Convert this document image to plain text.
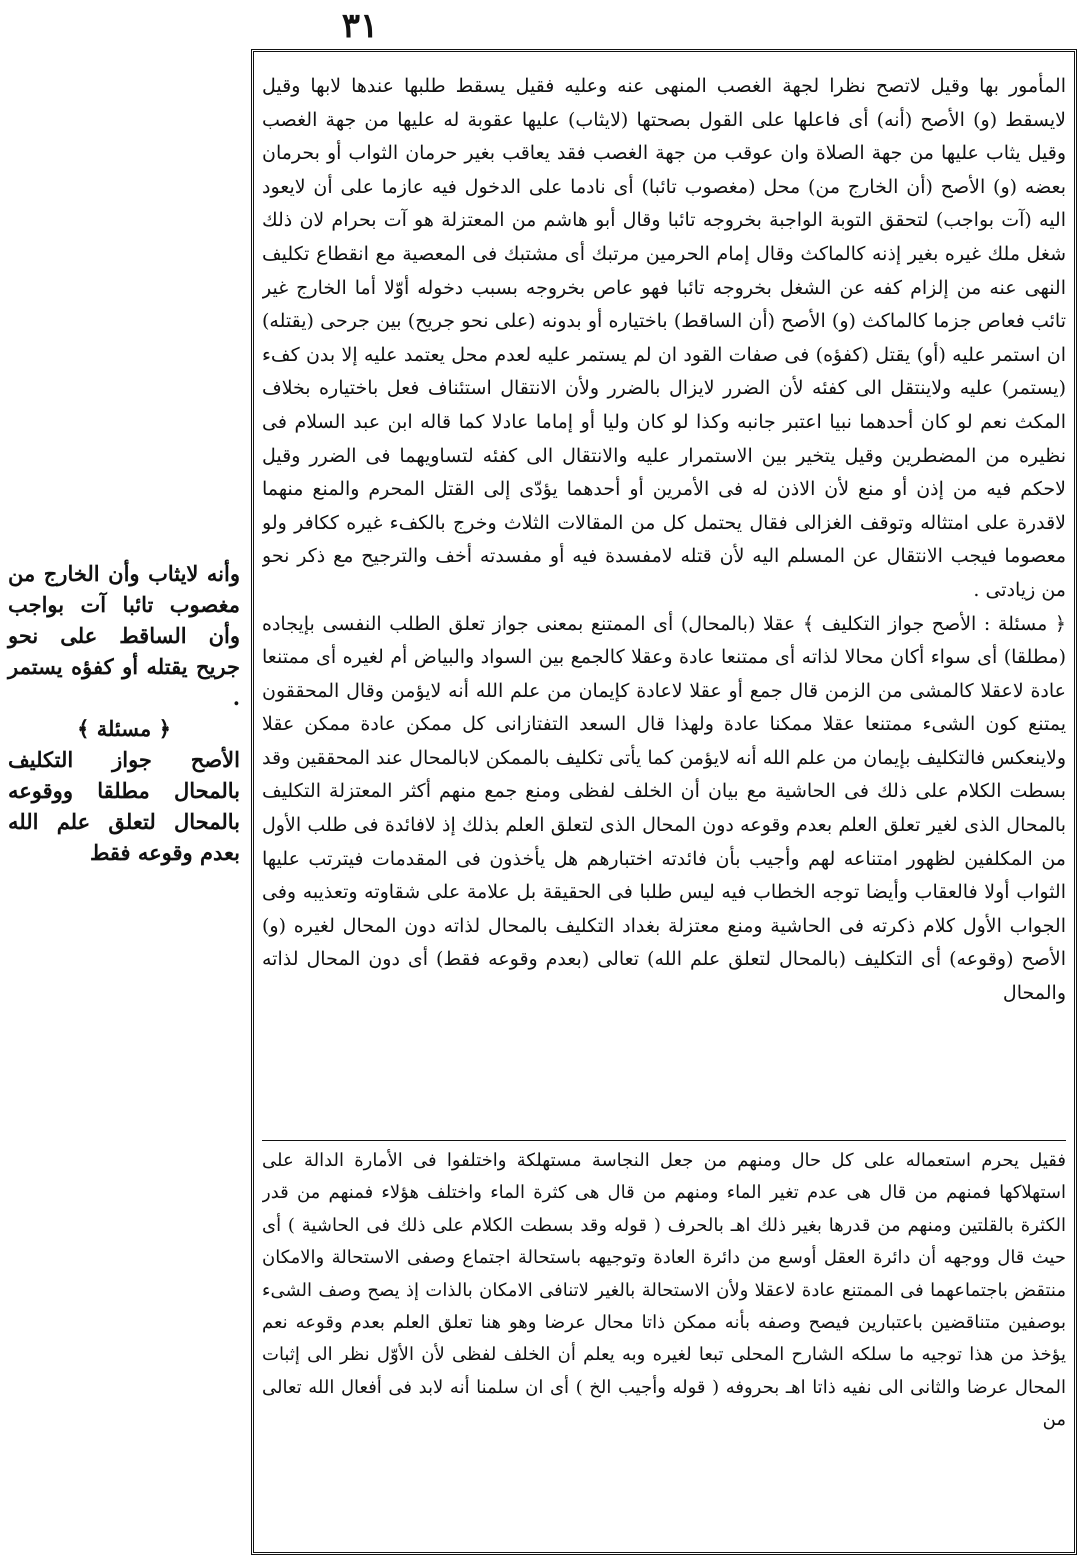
٣١

وأنه لايثاب وأن الخارج من مغصوب تائبا آت بواجب وأن الساقط على نحو جريح يقتله أو كفؤه يستمر .

﴿ مسئلة ﴾

الأصح جواز التكليف بالمحال مطلقا ووقوعه بالمحال لتعلق علم الله بعدم وقوعه فقط

المأمور بها وقيل لاتصح نظرا لجهة الغصب المنهى عنه وعليه فقيل يسقط طلبها عندها لابها وقيل لايسقط (و) الأصح (أنه) أى فاعلها على القول بصحتها (لايثاب) عليها عقوبة له عليها من جهة الغصب وقيل يثاب عليها من جهة الصلاة وان عوقب من جهة الغصب فقد يعاقب بغير حرمان الثواب أو بحرمان بعضه (و) الأصح (أن الخارج من) محل (مغصوب تائبا) أى نادما على الدخول فيه عازما على أن لايعود اليه (آت بواجب) لتحقق التوبة الواجبة بخروجه تائبا وقال أبو هاشم من المعتزلة هو آت بحرام لان ذلك شغل ملك غيره بغير إذنه كالماكث وقال إمام الحرمين مرتبك أى مشتبك فى المعصية مع انقطاع تكليف النهى عنه من إلزام كفه عن الشغل بخروجه تائبا فهو عاص بخروجه بسبب دخوله أوّلا أما الخارج غير تائب فعاص جزما كالماكث (و) الأصح (أن الساقط) باختياره أو بدونه (على نحو جريح) بين جرحى (يقتله) ان استمر عليه (أو) يقتل (كفؤه) فى صفات القود ان لم يستمر عليه لعدم محل يعتمد عليه إلا بدن كفء (يستمر) عليه ولاينتقل الى كفئه لأن الضرر لايزال بالضرر ولأن الانتقال استئناف فعل باختياره بخلاف المكث نعم لو كان أحدهما نبيا اعتبر جانبه وكذا لو كان وليا أو إماما عادلا كما قاله ابن عبد السلام فى نظيره من المضطرين وقيل يتخير بين الاستمرار عليه والانتقال الى كفئه لتساويهما فى الضرر وقيل لاحكم فيه من إذن أو منع لأن الاذن له فى الأمرين أو أحدهما يؤدّى إلى القتل المحرم والمنع منهما لاقدرة على امتثاله وتوقف الغزالى فقال يحتمل كل من المقالات الثلاث وخرج بالكفء غيره ككافر ولو معصوما فيجب الانتقال عن المسلم اليه لأن قتله لامفسدة فيه أو مفسدته أخف والترجيح مع ذكر نحو من زيادتى .

﴿ مسئلة : الأصح جواز التكليف ﴾ عقلا (بالمحال) أى الممتنع بمعنى جواز تعلق الطلب النفسى بإيجاده (مطلقا) أى سواء أكان محالا لذاته أى ممتنعا عادة وعقلا كالجمع بين السواد والبياض أم لغيره أى ممتنعا عادة لاعقلا كالمشى من الزمن قال جمع أو عقلا لاعادة كإيمان من علم الله أنه لايؤمن وقال المحققون يمتنع كون الشىء ممتنعا عقلا ممكنا عادة ولهذا قال السعد التفتازانى كل ممكن عادة ممكن عقلا ولاينعكس فالتكليف بإيمان من علم الله أنه لايؤمن كما يأتى تكليف بالممكن لابالمحال عند المحققين وقد بسطت الكلام على ذلك فى الحاشية مع بيان أن الخلف لفظى ومنع جمع منهم أكثر المعتزلة التكليف بالمحال الذى لغير تعلق العلم بعدم وقوعه دون المحال الذى لتعلق العلم بذلك إذ لافائدة فى طلب الأول من المكلفين لظهور امتناعه لهم وأجيب بأن فائدته اختبارهم هل يأخذون فى المقدمات فيترتب عليها الثواب أولا فالعقاب وأيضا توجه الخطاب فيه ليس طلبا فى الحقيقة بل علامة على شقاوته وتعذيبه وفى الجواب الأول كلام ذكرته فى الحاشية ومنع معتزلة بغداد التكليف بالمحال لذاته دون المحال لغيره (و) الأصح (وقوعه) أى التكليف (بالمحال لتعلق علم الله) تعالى (بعدم وقوعه فقط) أى دون المحال لذاته والمحال

فقيل يحرم استعماله على كل حال ومنهم من جعل النجاسة مستهلكة واختلفوا فى الأمارة الدالة على استهلاكها فمنهم من قال هى عدم تغير الماء ومنهم من قال هى كثرة الماء واختلف هؤلاء فمنهم من قدر الكثرة بالقلتين ومنهم من قدرها بغير ذلك اهـ بالحرف ( قوله وقد بسطت الكلام على ذلك فى الحاشية ) أى حيث قال ووجهه أن دائرة العقل أوسع من دائرة العادة وتوجيهه باستحالة اجتماع وصفى الاستحالة والامكان منتقض باجتماعهما فى الممتنع عادة لاعقلا ولأن الاستحالة بالغير لاتنافى الامكان بالذات إذ يصح وصف الشىء بوصفين متناقضين باعتبارين فيصح وصفه بأنه ممكن ذاتا محال عرضا وهو هنا تعلق العلم بعدم وقوعه نعم يؤخذ من هذا توجيه ما سلكه الشارح المحلى تبعا لغيره وبه يعلم أن الخلف لفظى لأن الأوّل نظر الى إثبات المحال عرضا والثانى الى نفيه ذاتا اهـ بحروفه ( قوله وأجيب الخ ) أى ان سلمنا أنه لابد فى أفعال الله تعالى من
